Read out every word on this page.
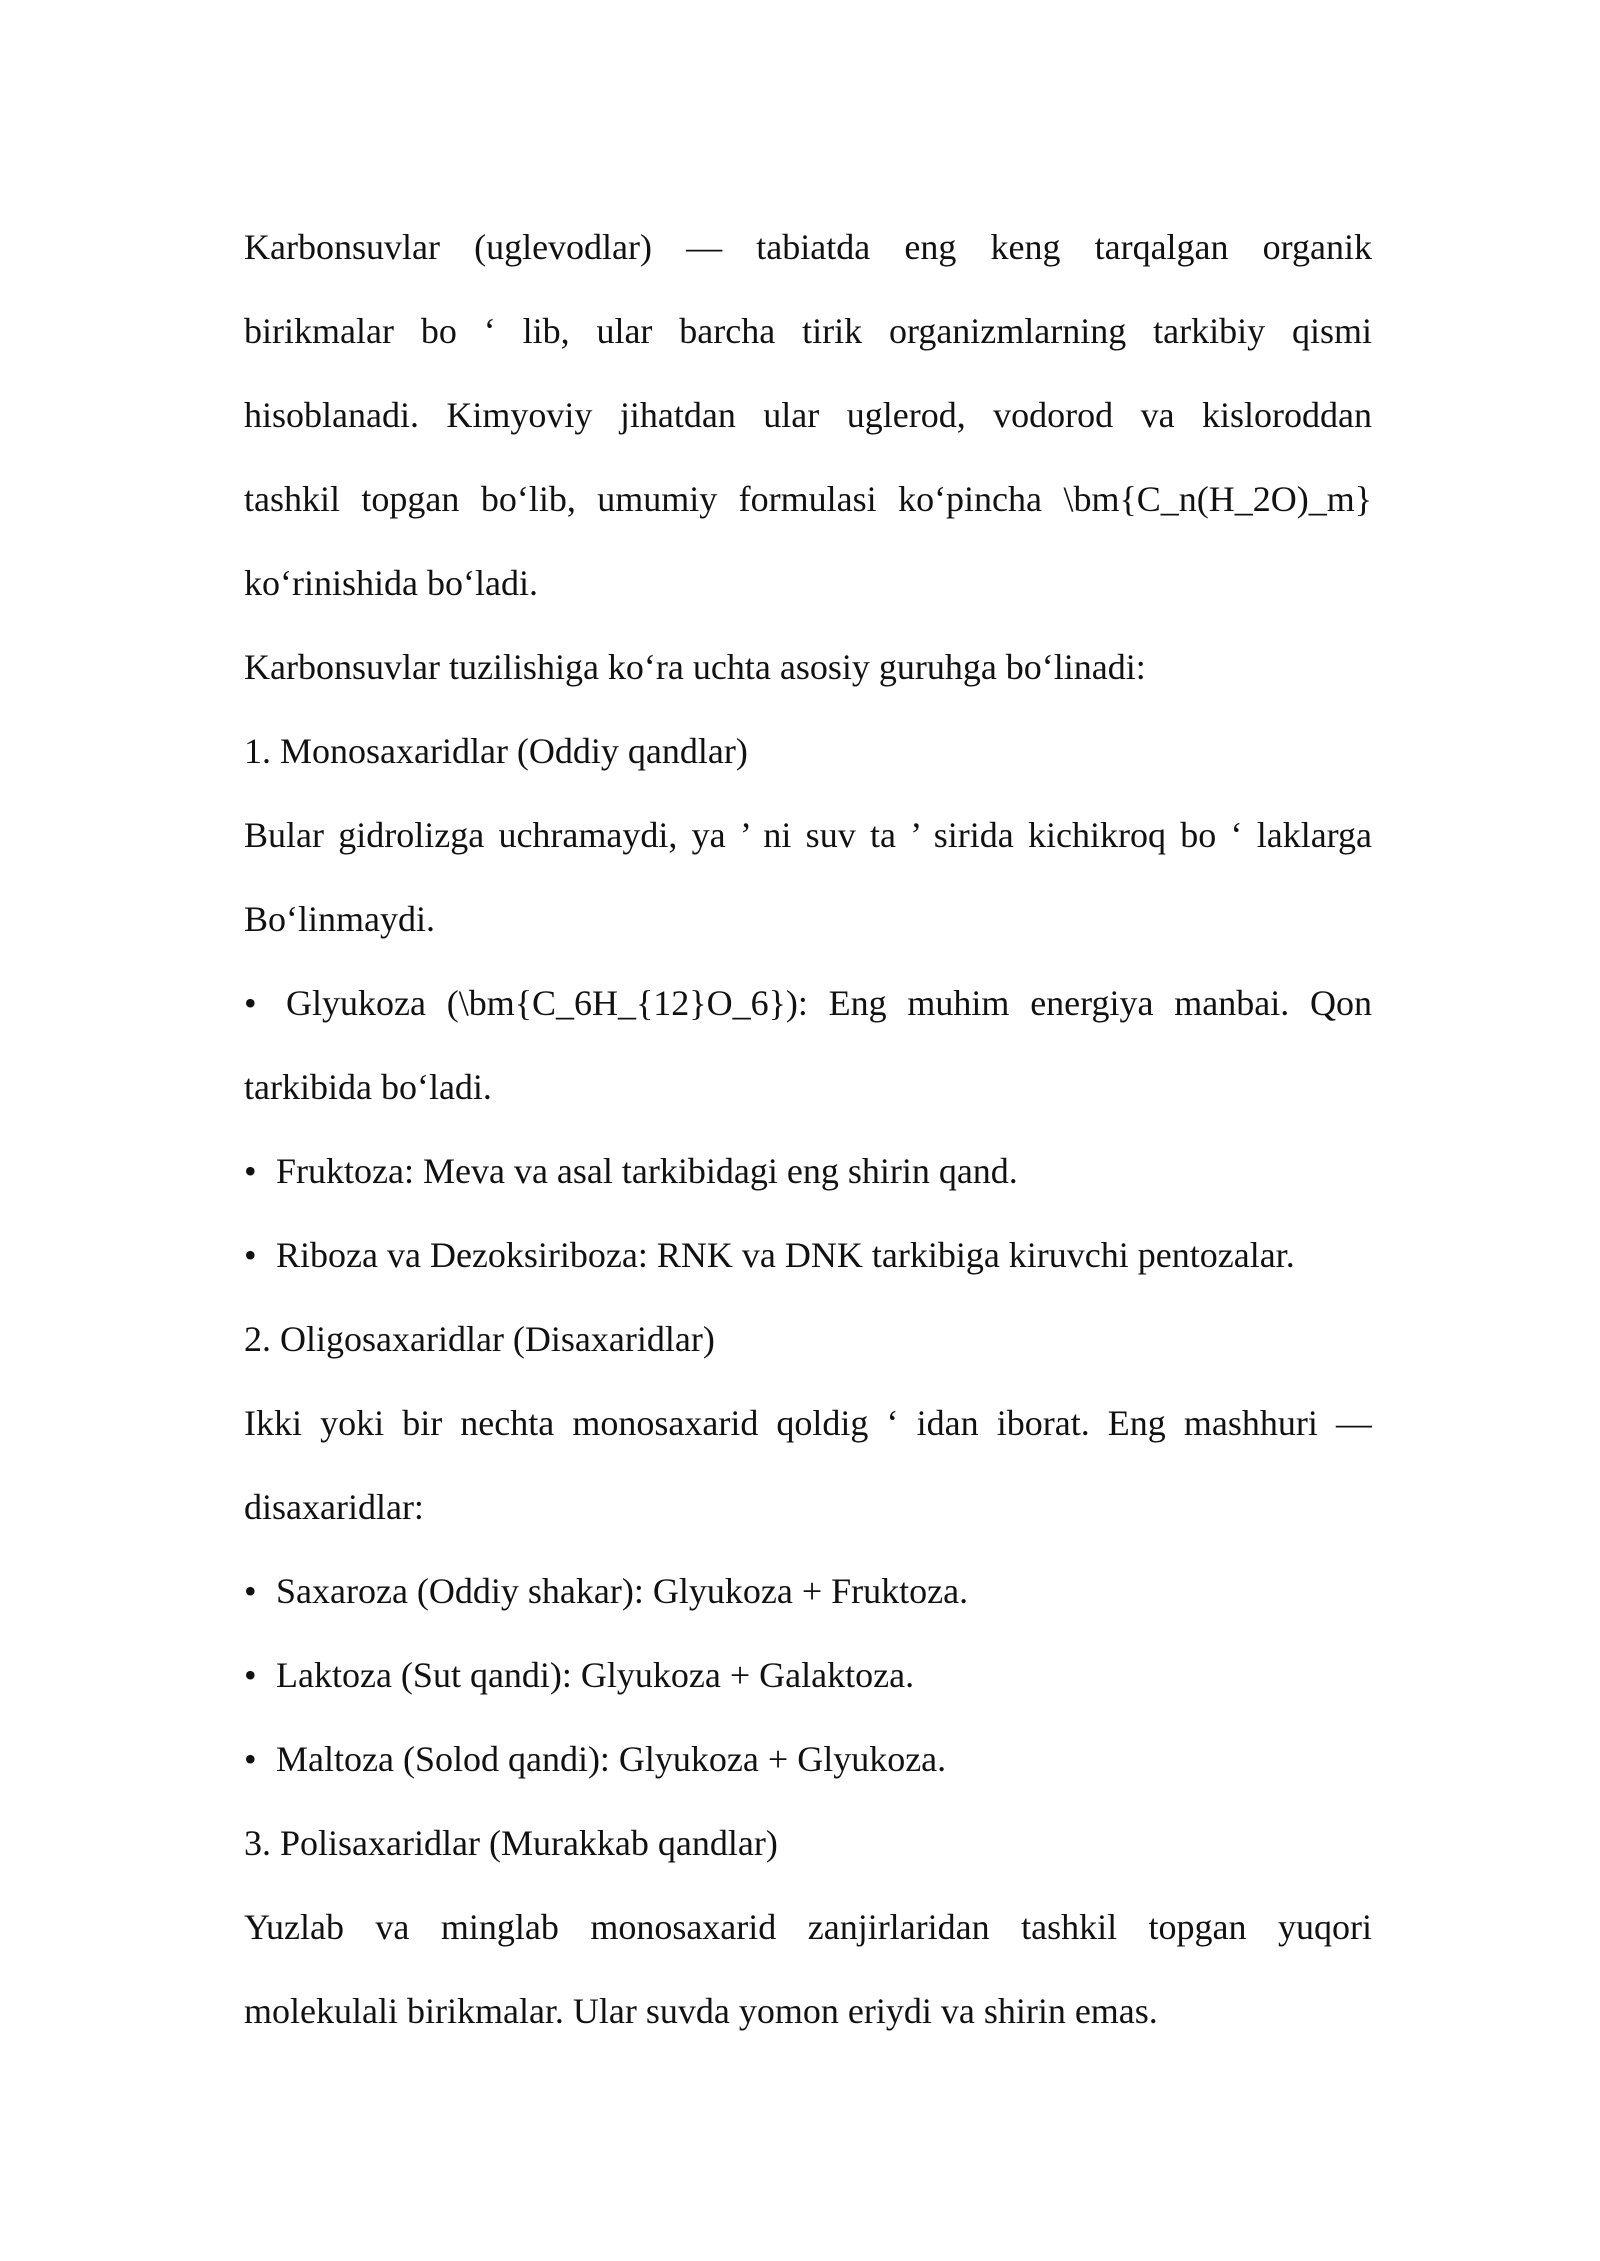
Karbonsuvlar (uglevodlar) — tabiatda eng keng tarqalgan organik
birikmalar bo ‘ lib, ular barcha tirik organizmlarning tarkibiy qismi
hisoblanadi. Kimyoviy jihatdan ular uglerod, vodorod va kisloroddan
tashkil topgan bo‘lib, umumiy formulasi ko‘pincha \bm{C_n(H_2O)_m}
ko‘rinishida bo‘ladi.
Karbonsuvlar tuzilishiga ko‘ra uchta asosiy guruhga bo‘linadi:
1. Monosaxaridlar (Oddiy qandlar)
Bular gidrolizga uchramaydi, ya ’ ni suv ta ’ sirida kichikroq bo ‘ laklarga
Bo‘linmaydi.
• Glyukoza (\bm{C_6H_{12}O_6}): Eng muhim energiya manbai. Qon
tarkibida bo‘ladi.
• Fruktoza: Meva va asal tarkibidagi eng shirin qand.
• Riboza va Dezoksiriboza: RNK va DNK tarkibiga kiruvchi pentozalar.
2. Oligosaxaridlar (Disaxaridlar)
Ikki yoki bir nechta monosaxarid qoldig ‘ idan iborat. Eng mashhuri —
disaxaridlar:
• Saxaroza (Oddiy shakar): Glyukoza + Fruktoza.
• Laktoza (Sut qandi): Glyukoza + Galaktoza.
• Maltoza (Solod qandi): Glyukoza + Glyukoza.
3. Polisaxaridlar (Murakkab qandlar)
Yuzlab va minglab monosaxarid zanjirlaridan tashkil topgan yuqori
molekulali birikmalar. Ular suvda yomon eriydi va shirin emas.
